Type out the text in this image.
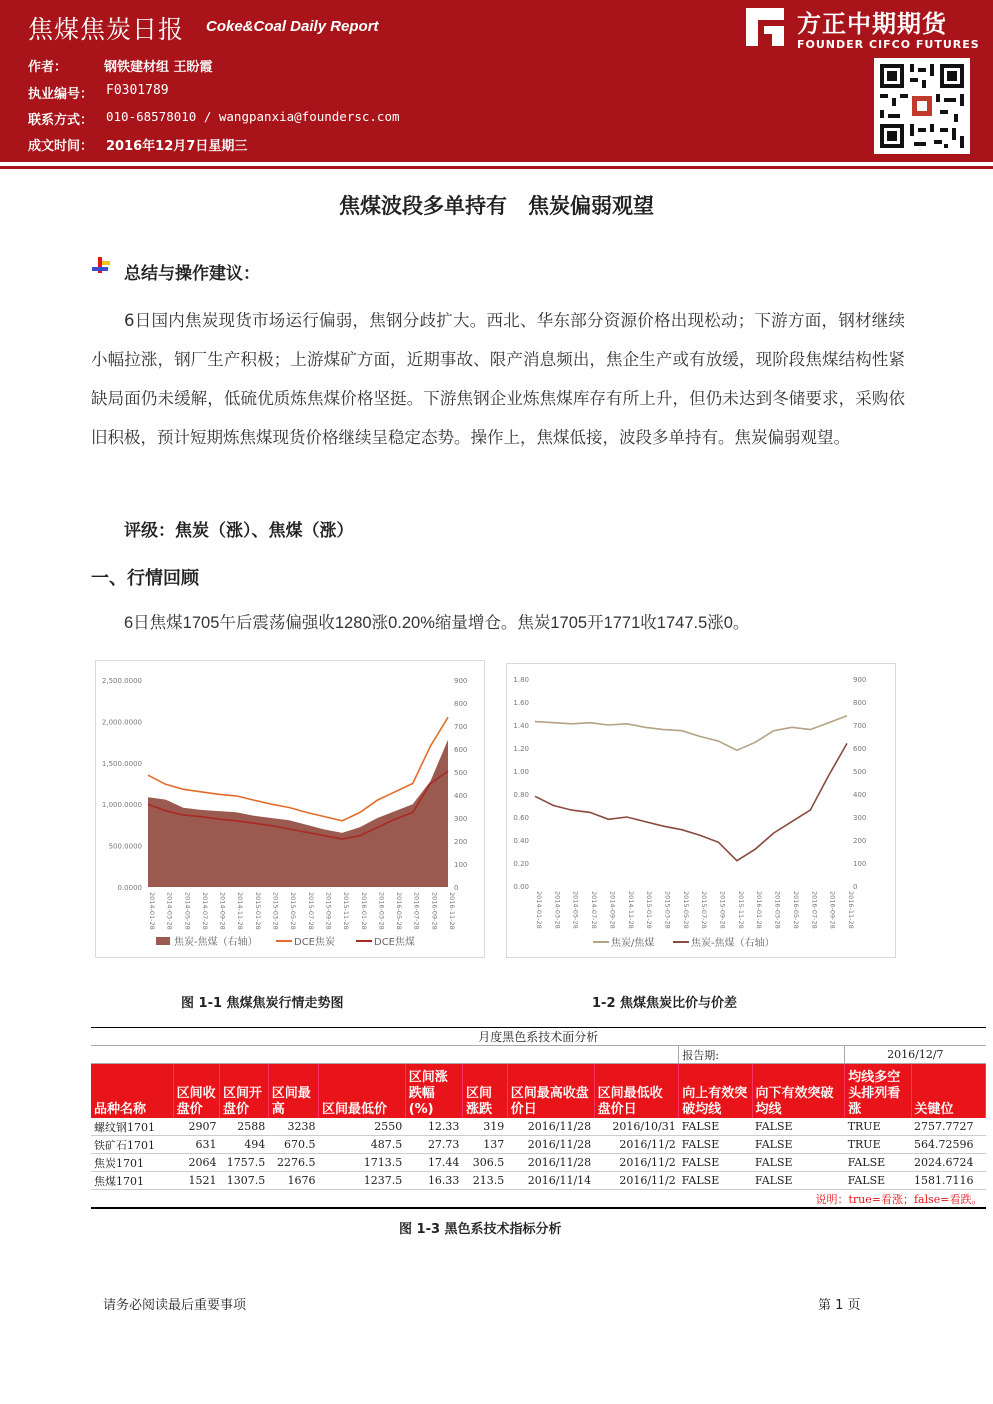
焦煤焦炭日报 Coke&Coal Daily Report
作者：	钢铁建材组 王盼霞
执业编号： F0301789
联系方式： 010-68578010 / wangpanxia@foundersc.com
成文时间： 2016年12月7日星期三
方正中期期货
FOUNDER CIFCO FUTURES
焦煤波段多单持有　焦炭偏弱观望
总结与操作建议：
6日国内焦炭现货市场运行偏弱，焦钢分歧扩大。西北、华东部分资源价格出现松动；下游方面，钢材继续小幅拉涨，钢厂生产积极；上游煤矿方面，近期事故、限产消息频出，焦企生产或有放缓，现阶段焦煤结构性紧缺局面仍未缓解，低硫优质炼焦煤价格坚挺。下游焦钢企业炼焦煤库存有所上升，但仍未达到冬储要求，采购依旧积极，预计短期炼焦煤现货价格继续呈稳定态势。操作上，焦煤低接，波段多单持有。焦炭偏弱观望。
评级：焦炭（涨）、焦煤（涨）
一、行情回顾
6日焦煤1705午后震荡偏强收1280涨0.20%缩量增仓。焦炭1705开1771收1747.5涨0。
2,500.0000
2,000.0000
1,500.0000
1,000.0000
500.0000
0.0000
900
800
700
600
500
400
300
200
100
0
2014-01-28 2014-03-28 2014-05-28 2014-07-28 2014-09-28 2014-11-28 2015-01-28 2015-03-28 2015-05-28 2015-07-28 2015-09-28 2015-11-28 2016-01-28 2016-03-28 2016-05-28 2016-07-28 2016-09-28 2016-11-28
焦炭-焦煤（右轴）	DCE焦炭	DCE焦煤
1.80
1.60
1.40
1.20
1.00
0.80
0.60
0.40
0.20
0.00
900
800
700
600
500
400
300
200
100
0
2014-01-28 2014-03-28 2014-05-28 2014-07-28 2014-09-28 2014-11-28 2015-01-28 2015-03-28 2015-05-28 2015-07-28 2015-09-28 2015-11-28 2016-01-28 2016-03-28 2016-05-28 2016-07-28 2016-09-28 2016-11-28
焦炭/焦煤	焦炭-焦煤（右轴）
图 1-1 焦煤焦炭行情走势图	1-2 焦煤焦炭比价与价差
月度黑色系技术面分析												
									报告期:		2016/12/7	
品种名称	区间收盘价	区间开盘价	区间最高	区间最低价	区间涨跌幅(%)	区间涨跌	区间最高收盘价日	区间最低收盘价日	向上有效突破均线	向下有效突破均线	均线多空头排列看涨	关键位
螺纹钢1701	2907	2588	3238	2550	12.33	319	2016/11/28	2016/10/31	FALSE	FALSE	TRUE	2757.7727
铁矿石1701	631	494	670.5	487.5	27.73	137	2016/11/28	2016/11/2	FALSE	FALSE	TRUE	564.72596
焦炭1701	2064	1757.5	2276.5	1713.5	17.44	306.5	2016/11/28	2016/11/2	FALSE	FALSE	FALSE	2024.6724
焦煤1701	1521	1307.5	1676	1237.5	16.33	213.5	2016/11/14	2016/11/2	FALSE	FALSE	FALSE	1581.7116
说明：true=看涨；false=看跌。												
图 1-3 黑色系技术指标分析
请务必阅读最后重要事项	第 1 页
